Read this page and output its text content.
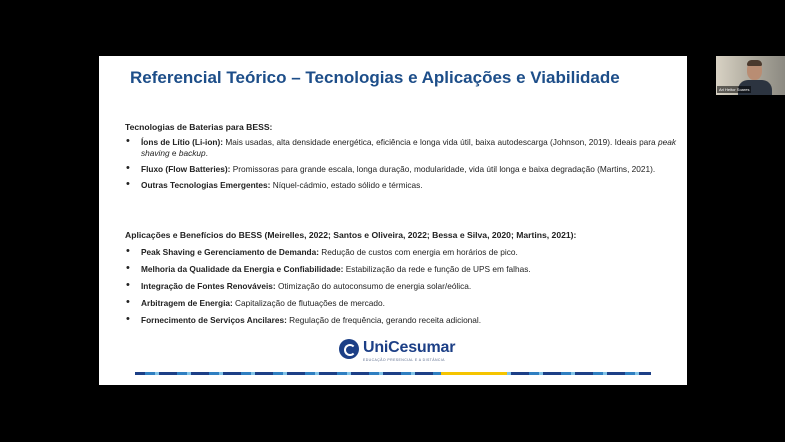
Referencial Teórico – Tecnologias e Aplicações e Viabilidade
Tecnologias de Baterias para BESS:
• Íons de Lítio (Li-ion): Mais usadas, alta densidade energética, eficiência e longa vida útil, baixa autodescarga (Johnson, 2019). Ideais para peak shaving e backup.
• Fluxo (Flow Batteries): Promissoras para grande escala, longa duração, modularidade, vida útil longa e baixa degradação (Martins, 2021).
• Outras Tecnologias Emergentes: Níquel-cádmio, estado sólido e térmicas.
Aplicações e Benefícios do BESS (Meirelles, 2022; Santos e Oliveira, 2022; Bessa e Silva, 2020; Martins, 2021):
• Peak Shaving e Gerenciamento de Demanda: Redução de custos com energia em horários de pico.
• Melhoria da Qualidade da Energia e Confiabilidade: Estabilização da rede e função de UPS em falhas.
• Integração de Fontes Renováveis: Otimização do autoconsumo de energia solar/eólica.
• Arbitragem de Energia: Capitalização de flutuações de mercado.
• Fornecimento de Serviços Ancilares: Regulação de frequência, gerando receita adicional.
UniCesumar
EDUCAÇÃO PRESENCIAL E A DISTÂNCIA
Ari Heitor Soares
